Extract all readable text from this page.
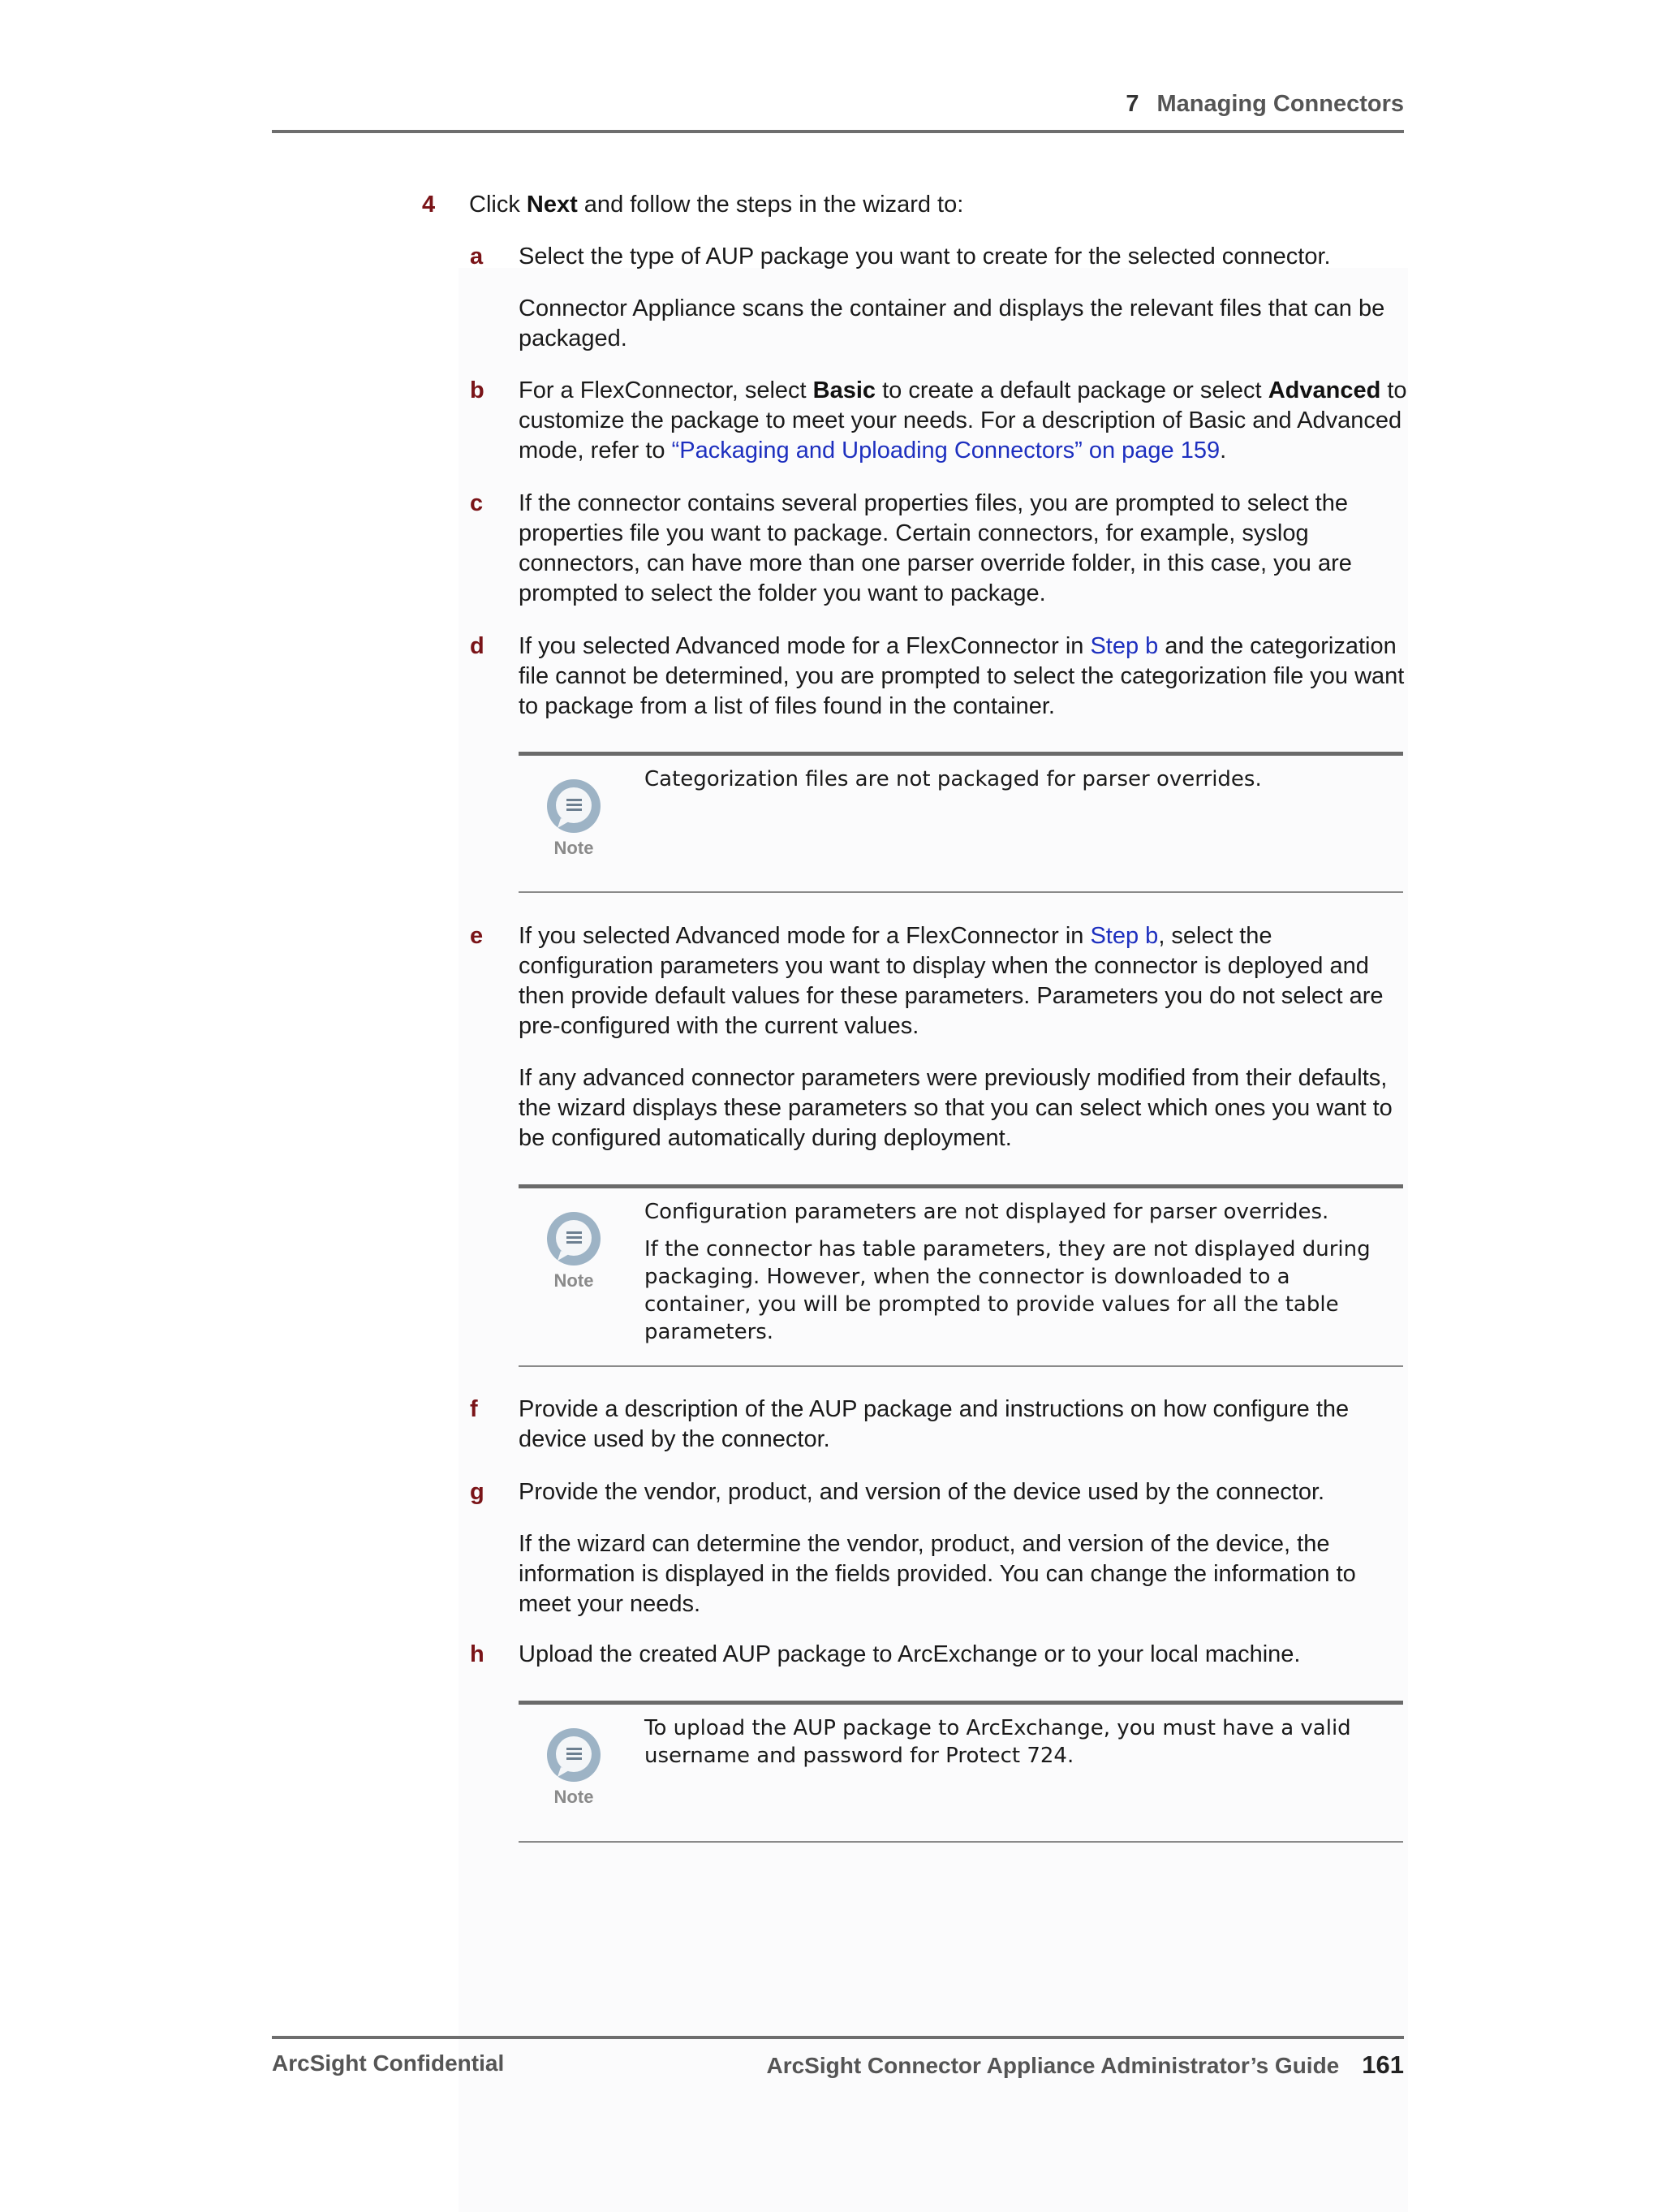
7 Managing Connectors
4 Click Next and follow the steps in the wizard to:
a Select the type of AUP package you want to create for the selected connector.

Connector Appliance scans the container and displays the relevant files that can be packaged.

b For a FlexConnector, select Basic to create a default package or select Advanced to customize the package to meet your needs. For a description of Basic and Advanced mode, refer to “Packaging and Uploading Connectors” on page 159.

c If the connector contains several properties files, you are prompted to select the properties file you want to package. Certain connectors, for example, syslog connectors, can have more than one parser override folder, in this case, you are prompted to select the folder you want to package.

d If you selected Advanced mode for a FlexConnector in Step b and the categorization file cannot be determined, you are prompted to select the categorization file you want to package from a list of files found in the container.

Note

Categorization files are not packaged for parser overrides.

e If you selected Advanced mode for a FlexConnector in Step b, select the configuration parameters you want to display when the connector is deployed and then provide default values for these parameters. Parameters you do not select are pre-configured with the current values.

If any advanced connector parameters were previously modified from their defaults, the wizard displays these parameters so that you can select which ones you want to be configured automatically during deployment.

Note

Configuration parameters are not displayed for parser overrides.

If the connector has table parameters, they are not displayed during packaging. However, when the connector is downloaded to a container, you will be prompted to provide values for all the table parameters.

f Provide a description of the AUP package and instructions on how configure the device used by the connector.

g Provide the vendor, product, and version of the device used by the connector.

If the wizard can determine the vendor, product, and version of the device, the information is displayed in the fields provided. You can change the information to meet your needs.

h Upload the created AUP package to ArcExchange or to your local machine.

Note

To upload the AUP package to ArcExchange, you must have a valid username and password for Protect 724.

ArcSight Confidential	ArcSight Connector Appliance Administrator’s Guide 161
